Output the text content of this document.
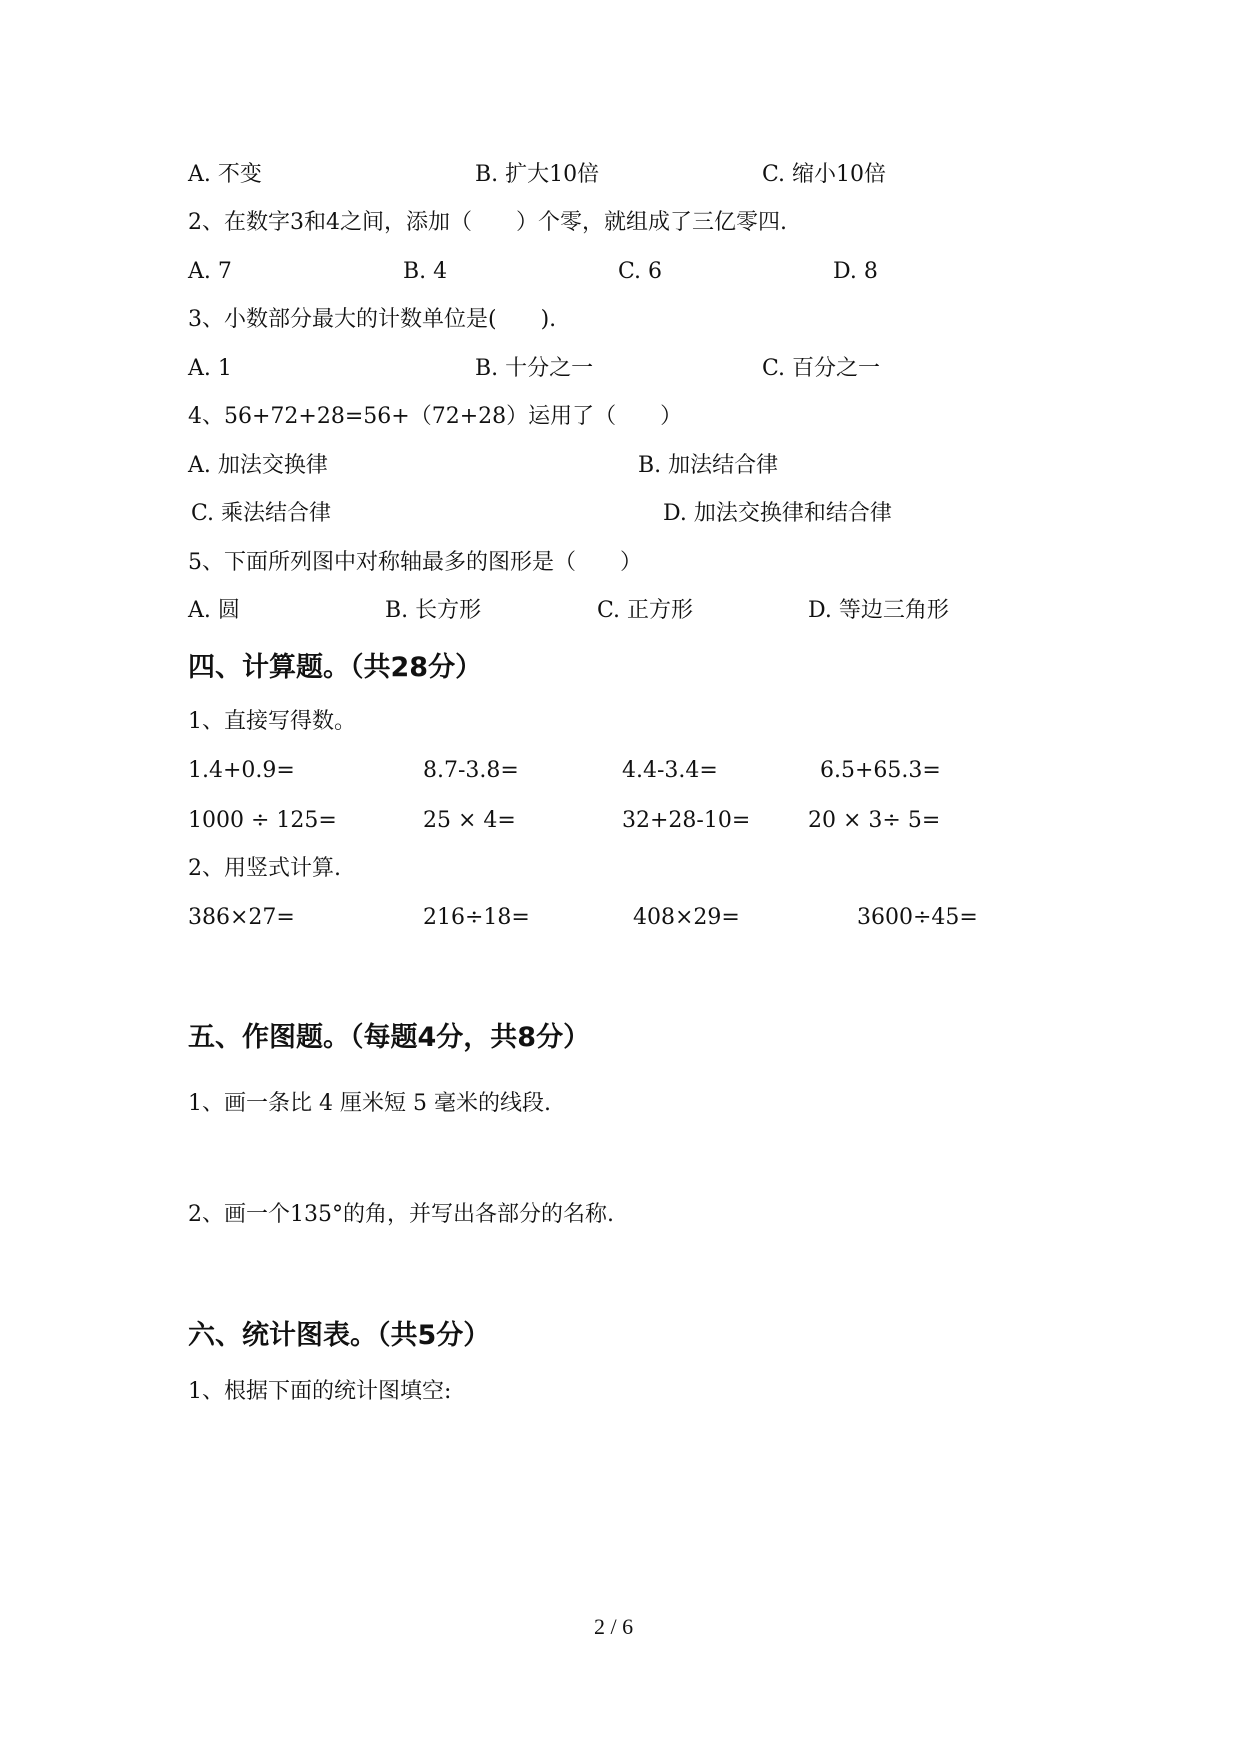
A. 不变	B. 扩大10倍	C. 缩小10倍
2、在数字3和4之间，添加（　　）个零，就组成了三亿零四.
A. 7	B. 4	C. 6	D. 8
3、小数部分最大的计数单位是(　　).
A. 1	B. 十分之一	C. 百分之一
4、56+72+28=56+（72+28）运用了（　　）
A. 加法交换律	B. 加法结合律
C. 乘法结合律	D. 加法交换律和结合律
5、下面所列图中对称轴最多的图形是（　　）
A. 圆	B. 长方形	C. 正方形	D. 等边三角形
四、计算题。（共28分）
1、直接写得数。
1.4+0.9=	8.7-3.8=	4.4-3.4=	6.5+65.3=
1000 ÷ 125=	25 × 4=	32+28-10=	20 × 3÷ 5=
2、用竖式计算.
386×27=	216÷18=	408×29=	3600÷45=
五、作图题。（每题4分，共8分）
1、画一条比 4 厘米短 5 毫米的线段.
2、画一个135°的角，并写出各部分的名称.
六、统计图表。（共5分）
1、根据下面的统计图填空:
2 / 6
